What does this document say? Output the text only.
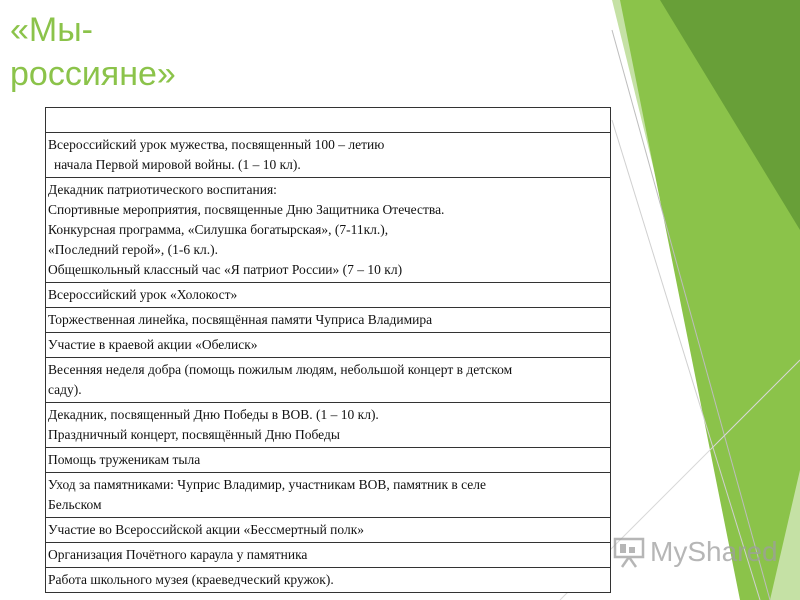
«Мы-
россияне»

Всероссийский урок мужества, посвященный 100 – летию
начала Первой мировой войны. (1 – 10 кл).

Декадник патриотического воспитания:
Спортивные мероприятия, посвященные Дню Защитника Отечества.
Конкурсная программа, «Силушка богатырская», (7-11кл.),
«Последний герой», (1-6 кл.).
Общешкольный классный час «Я патриот России» (7 – 10 кл)

Всероссийский урок «Холокост»

Торжественная линейка, посвящённая памяти Чуприса Владимира

Участие в краевой акции «Обелиск»

Весенняя неделя добра (помощь пожилым людям, небольшой концерт в детском
саду).

Декадник, посвященный Дню Победы в ВОВ. (1 – 10 кл).
Праздничный концерт, посвящённый Дню Победы

Помощь труженикам тыла

Уход за памятниками: Чуприс Владимир, участникам ВОВ, памятник в селе
Бельском

Участие во Всероссийской акции «Бессмертный полк»

Организация Почётного караула у памятника

Работа школьного музея (краеведческий кружок).
MyShared
